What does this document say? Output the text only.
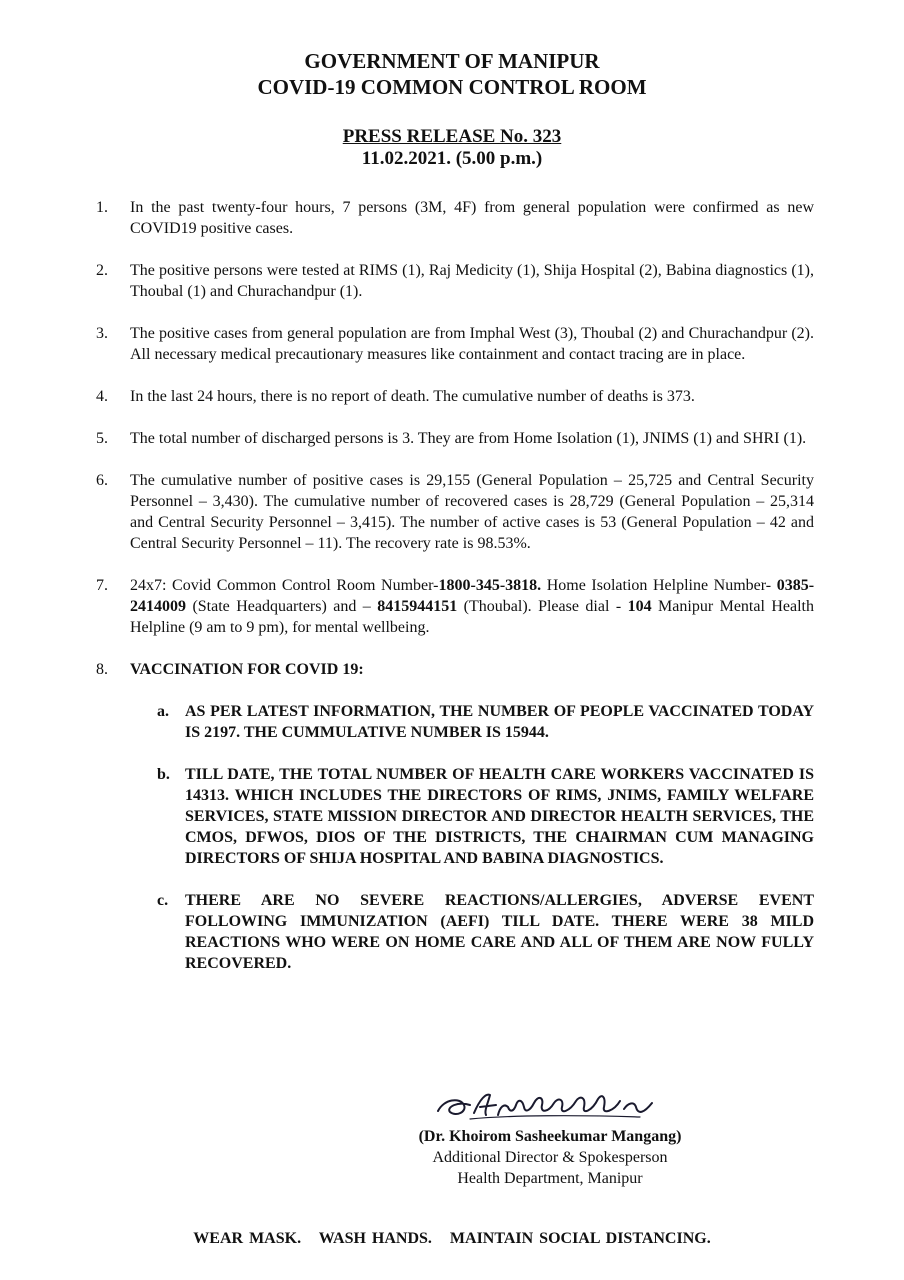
GOVERNMENT OF MANIPUR
COVID-19 COMMON CONTROL ROOM
PRESS RELEASE No. 323
11.02.2021. (5.00 p.m.)
1.	In the past twenty-four hours, 7 persons (3M, 4F) from general population were confirmed as new COVID19 positive cases.
2.	The positive persons were tested at RIMS (1), Raj Medicity (1), Shija Hospital (2), Babina diagnostics (1), Thoubal (1) and Churachandpur (1).
3.	The positive cases from general population are from Imphal West (3), Thoubal (2) and Churachandpur (2). All necessary medical precautionary measures like containment and contact tracing are in place.
4.	In the last 24 hours, there is no report of death. The cumulative number of deaths is 373.
5.	The total number of discharged persons is 3. They are from Home Isolation (1), JNIMS (1) and SHRI (1).
6.	The cumulative number of positive cases is 29,155 (General Population – 25,725 and Central Security Personnel – 3,430). The cumulative number of recovered cases is 28,729 (General Population – 25,314 and Central Security Personnel – 3,415). The number of active cases is 53 (General Population – 42 and Central Security Personnel – 11). The recovery rate is 98.53%.
7.	24x7: Covid Common Control Room Number-1800-345-3818. Home Isolation Helpline Number- 0385-2414009 (State Headquarters) and – 8415944151 (Thoubal). Please dial - 104 Manipur Mental Health Helpline (9 am to 9 pm), for mental wellbeing.
8.	VACCINATION FOR COVID 19:
a. AS PER LATEST INFORMATION, THE NUMBER OF PEOPLE VACCINATED TODAY IS 2197. THE CUMMULATIVE NUMBER IS 15944.
b. TILL DATE, THE TOTAL NUMBER OF HEALTH CARE WORKERS VACCINATED IS 14313. WHICH INCLUDES THE DIRECTORS OF RIMS, JNIMS, FAMILY WELFARE SERVICES, STATE MISSION DIRECTOR AND DIRECTOR HEALTH SERVICES, THE CMOS, DFWOS, DIOS OF THE DISTRICTS, THE CHAIRMAN CUM MANAGING DIRECTORS OF SHIJA HOSPITAL AND BABINA DIAGNOSTICS.
c. THERE ARE NO SEVERE REACTIONS/ALLERGIES, ADVERSE EVENT FOLLOWING IMMUNIZATION (AEFI) TILL DATE. THERE WERE 38 MILD REACTIONS WHO WERE ON HOME CARE AND ALL OF THEM ARE NOW FULLY RECOVERED.
(Dr. Khoirom Sasheekumar Mangang)
Additional Director & Spokesperson
Health Department, Manipur
WEAR MASK.   WASH HANDS.   MAINTAIN SOCIAL DISTANCING.
